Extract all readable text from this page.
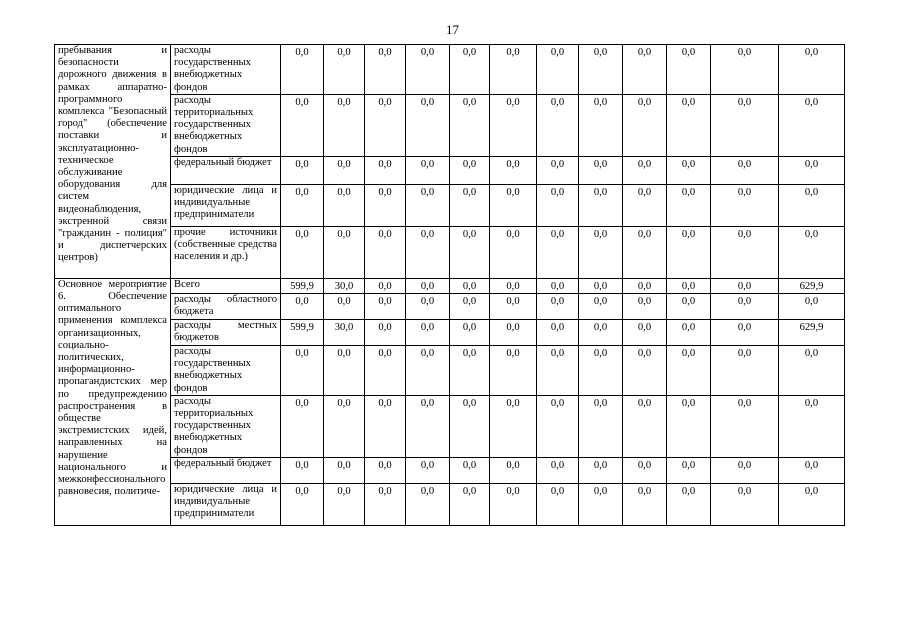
17
пребывания и безопасности дорожного движения в рамках аппаратно-программного комплекса "Безопасный город" (обеспечение поставки и эксплуатационно-техническое обслуживание оборудования для систем видеонаблюдения, экстренной связи "гражданин - полиция" и диспетчерских центров)	расходы государственных внебюджетных фондов	0,0	0,0	0,0	0,0	0,0	0,0	0,0	0,0	0,0	0,0	0,0	0,0
	расходы территориальных государственных внебюджетных фондов	0,0	0,0	0,0	0,0	0,0	0,0	0,0	0,0	0,0	0,0	0,0	0,0
	федеральный бюджет	0,0	0,0	0,0	0,0	0,0	0,0	0,0	0,0	0,0	0,0	0,0	0,0
	юридические лица и индивидуальные предприниматели	0,0	0,0	0,0	0,0	0,0	0,0	0,0	0,0	0,0	0,0	0,0	0,0
	прочие источники (собственные средства населения и др.)	0,0	0,0	0,0	0,0	0,0	0,0	0,0	0,0	0,0	0,0	0,0	0,0
Основное мероприятие 6. Обеспечение оптимального применения комплекса организационных, социально-политических, информационно-пропагандистских мер по предупреждению распространения в обществе экстремистских идей, направленных на нарушение национального и межконфессионального равновесия, политиче-	Всего	599,9	30,0	0,0	0,0	0,0	0,0	0,0	0,0	0,0	0,0	0,0	629,9
	расходы областного бюджета	0,0	0,0	0,0	0,0	0,0	0,0	0,0	0,0	0,0	0,0	0,0	0,0
	расходы местных бюджетов	599,9	30,0	0,0	0,0	0,0	0,0	0,0	0,0	0,0	0,0	0,0	629,9
	расходы государственных внебюджетных фондов	0,0	0,0	0,0	0,0	0,0	0,0	0,0	0,0	0,0	0,0	0,0	0,0
	расходы территориальных государственных внебюджетных фондов	0,0	0,0	0,0	0,0	0,0	0,0	0,0	0,0	0,0	0,0	0,0	0,0
	федеральный бюджет	0,0	0,0	0,0	0,0	0,0	0,0	0,0	0,0	0,0	0,0	0,0	0,0
	юридические лица и индивидуальные предприниматели	0,0	0,0	0,0	0,0	0,0	0,0	0,0	0,0	0,0	0,0	0,0	0,0
